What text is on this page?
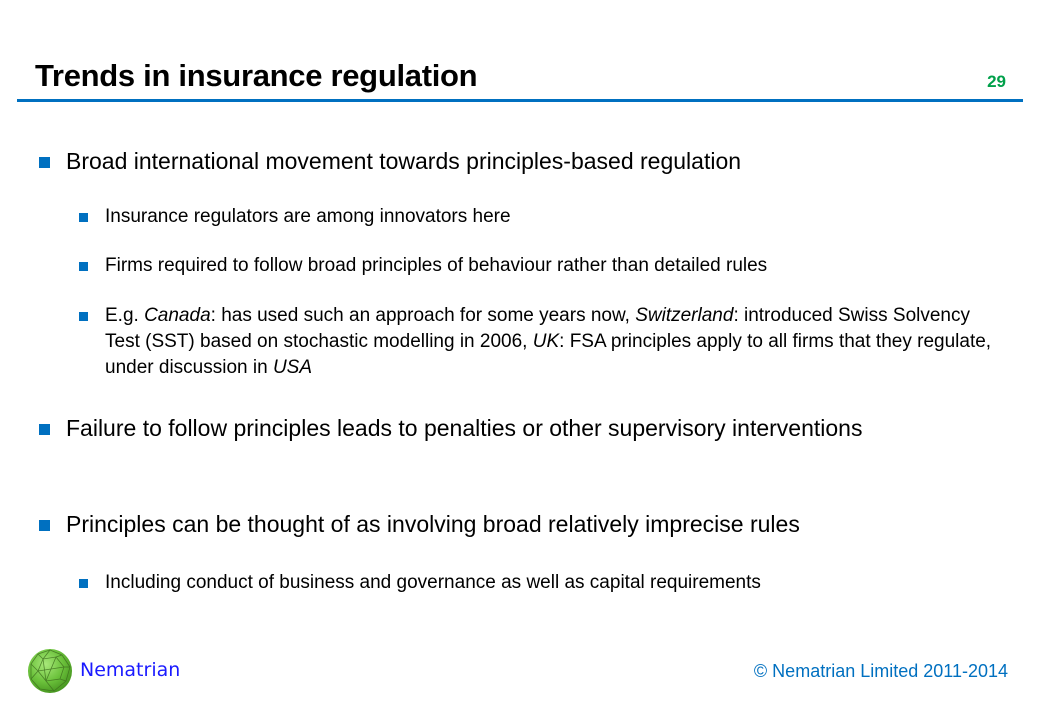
Trends in insurance regulation	29
Broad international movement towards principles-based regulation
Insurance regulators are among innovators here
Firms required to follow broad principles of behaviour rather than detailed rules
E.g. Canada: has used such an approach for some years now, Switzerland: introduced Swiss Solvency Test (SST) based on stochastic modelling in 2006, UK: FSA principles apply to all firms that they regulate, under discussion in USA
Failure to follow principles leads to penalties or other supervisory interventions
Principles can be thought of as involving broad relatively imprecise rules
Including conduct of business and governance as well as capital requirements
Nematrian	© Nematrian Limited 2011-2014
